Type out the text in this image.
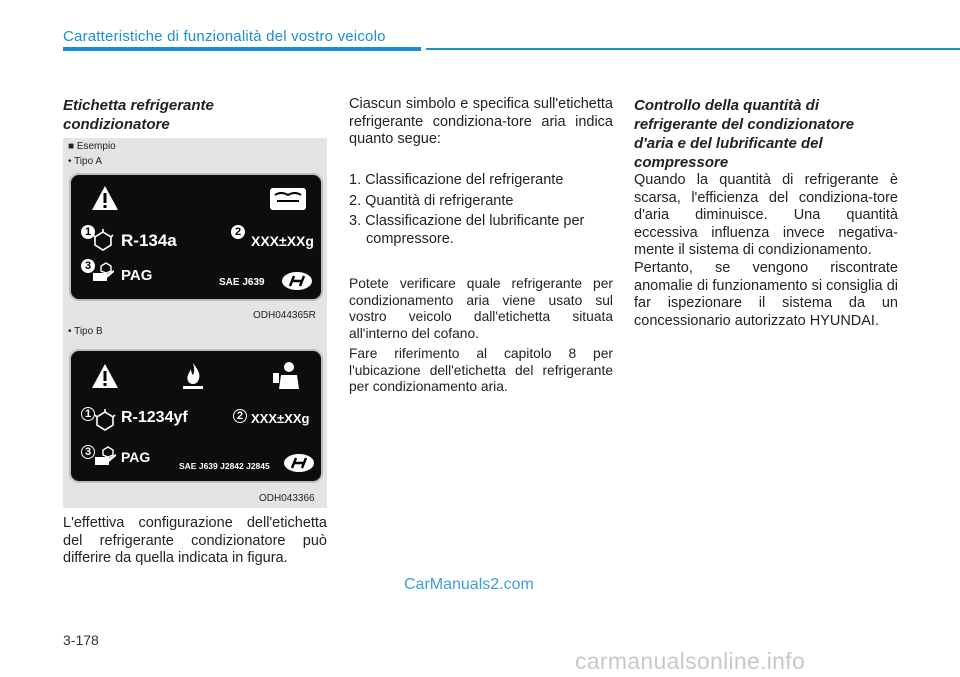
Caratteristiche di funzionalità del vostro veicolo
Etichetta refrigerante
condizionatore
■ Esempio
• Tipo A
1 R-134a	2
XXX±XXg
3
PAG	SAE J639
ODH044365R
• Tipo B
1 R-1234yf	2 XXX±XXg
3 PAG
SAE J639 J2842 J2845
ODH043366
L'effettiva configurazione dell'etichetta del refrigerante condizionatore può differire da quella indicata in figura.
Ciascun simbolo e specifica sull'etichetta refrigerante condiziona-tore aria indica quanto segue:
1. Classificazione del refrigerante
2. Quantità di refrigerante
3. Classificazione del lubrificante per
compressore.
Potete verificare quale refrigerante per condizionamento aria viene usato sul vostro veicolo dall'etichetta situata all'interno del cofano.
Fare riferimento al capitolo 8 per l'ubicazione dell'etichetta del refrigerante per condizionamento aria.
Controllo della quantità di
refrigerante del condizionatore
d'aria e del lubrificante del
compressore
Quando la quantità di refrigerante è scarsa, l'efficienza del condiziona-tore d'aria diminuisce. Una quantità eccessiva influenza invece negativa-mente il sistema di condizionamento.
Pertanto, se vengono riscontrate anomalie di funzionamento si consiglia di far ispezionare il sistema da un concessionario autorizzato HYUNDAI.
CarManuals2.com
3-178
carmanualsonline.info
